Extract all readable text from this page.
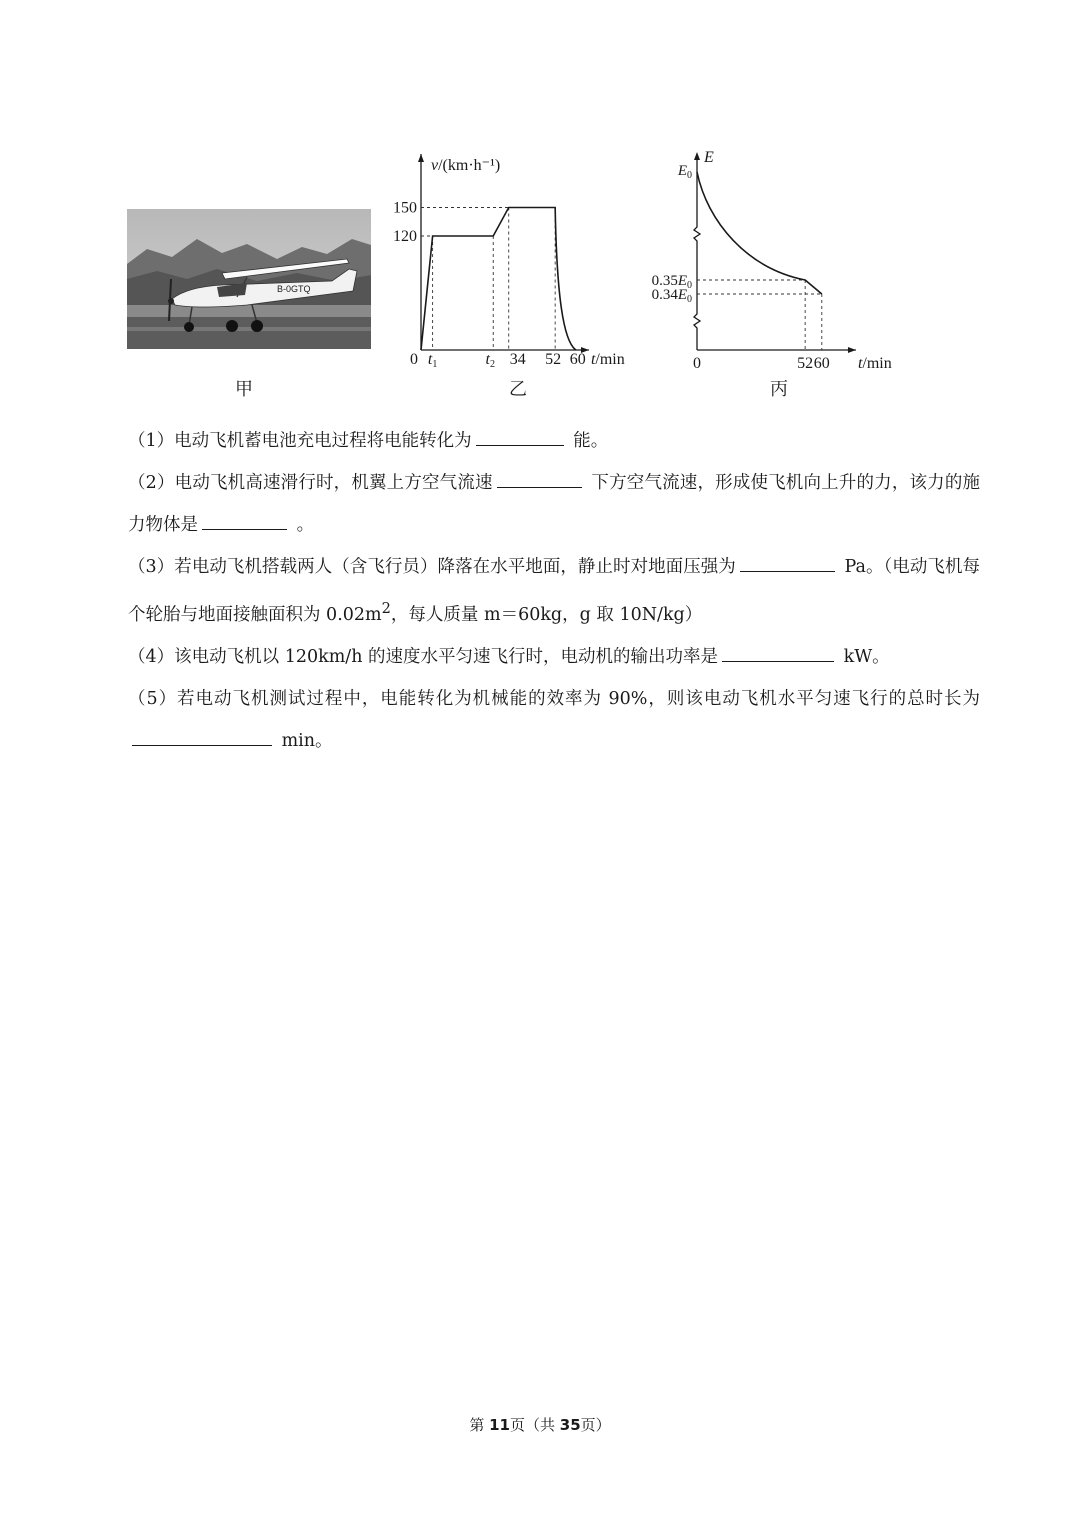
B-0GTQ
甲
v/(km·h⁻¹)
t/min
120
150
0 t1	t2 34 52 60
乙
E
t/min
$E_0$
$0.35E_0$
$0.34E_0$
0	52 60
丙

（1）电动飞机蓄电池充电过程将电能转化为	能。

（2）电动飞机高速滑行时，机翼上方空气流速	下方空气流速，形成使飞机向上升的力，该力的施力物体是	。

（3）若电动飞机搭载两人（含飞行员）降落在水平地面，静止时对地面压强为	Pa。（电动飞机每个轮胎与地面接触面积为 $0.02m^2$，每人质量 m＝60kg，g 取 10N/kg）

（4）该电动飞机以 120km/h 的速度水平匀速飞行时，电动机的输出功率是	kW。

（5）若电动飞机测试过程中，电能转化为机械能的效率为 90%，则该电动飞机水平匀速飞行的总时长为 min。

第 11页（共 35页）
